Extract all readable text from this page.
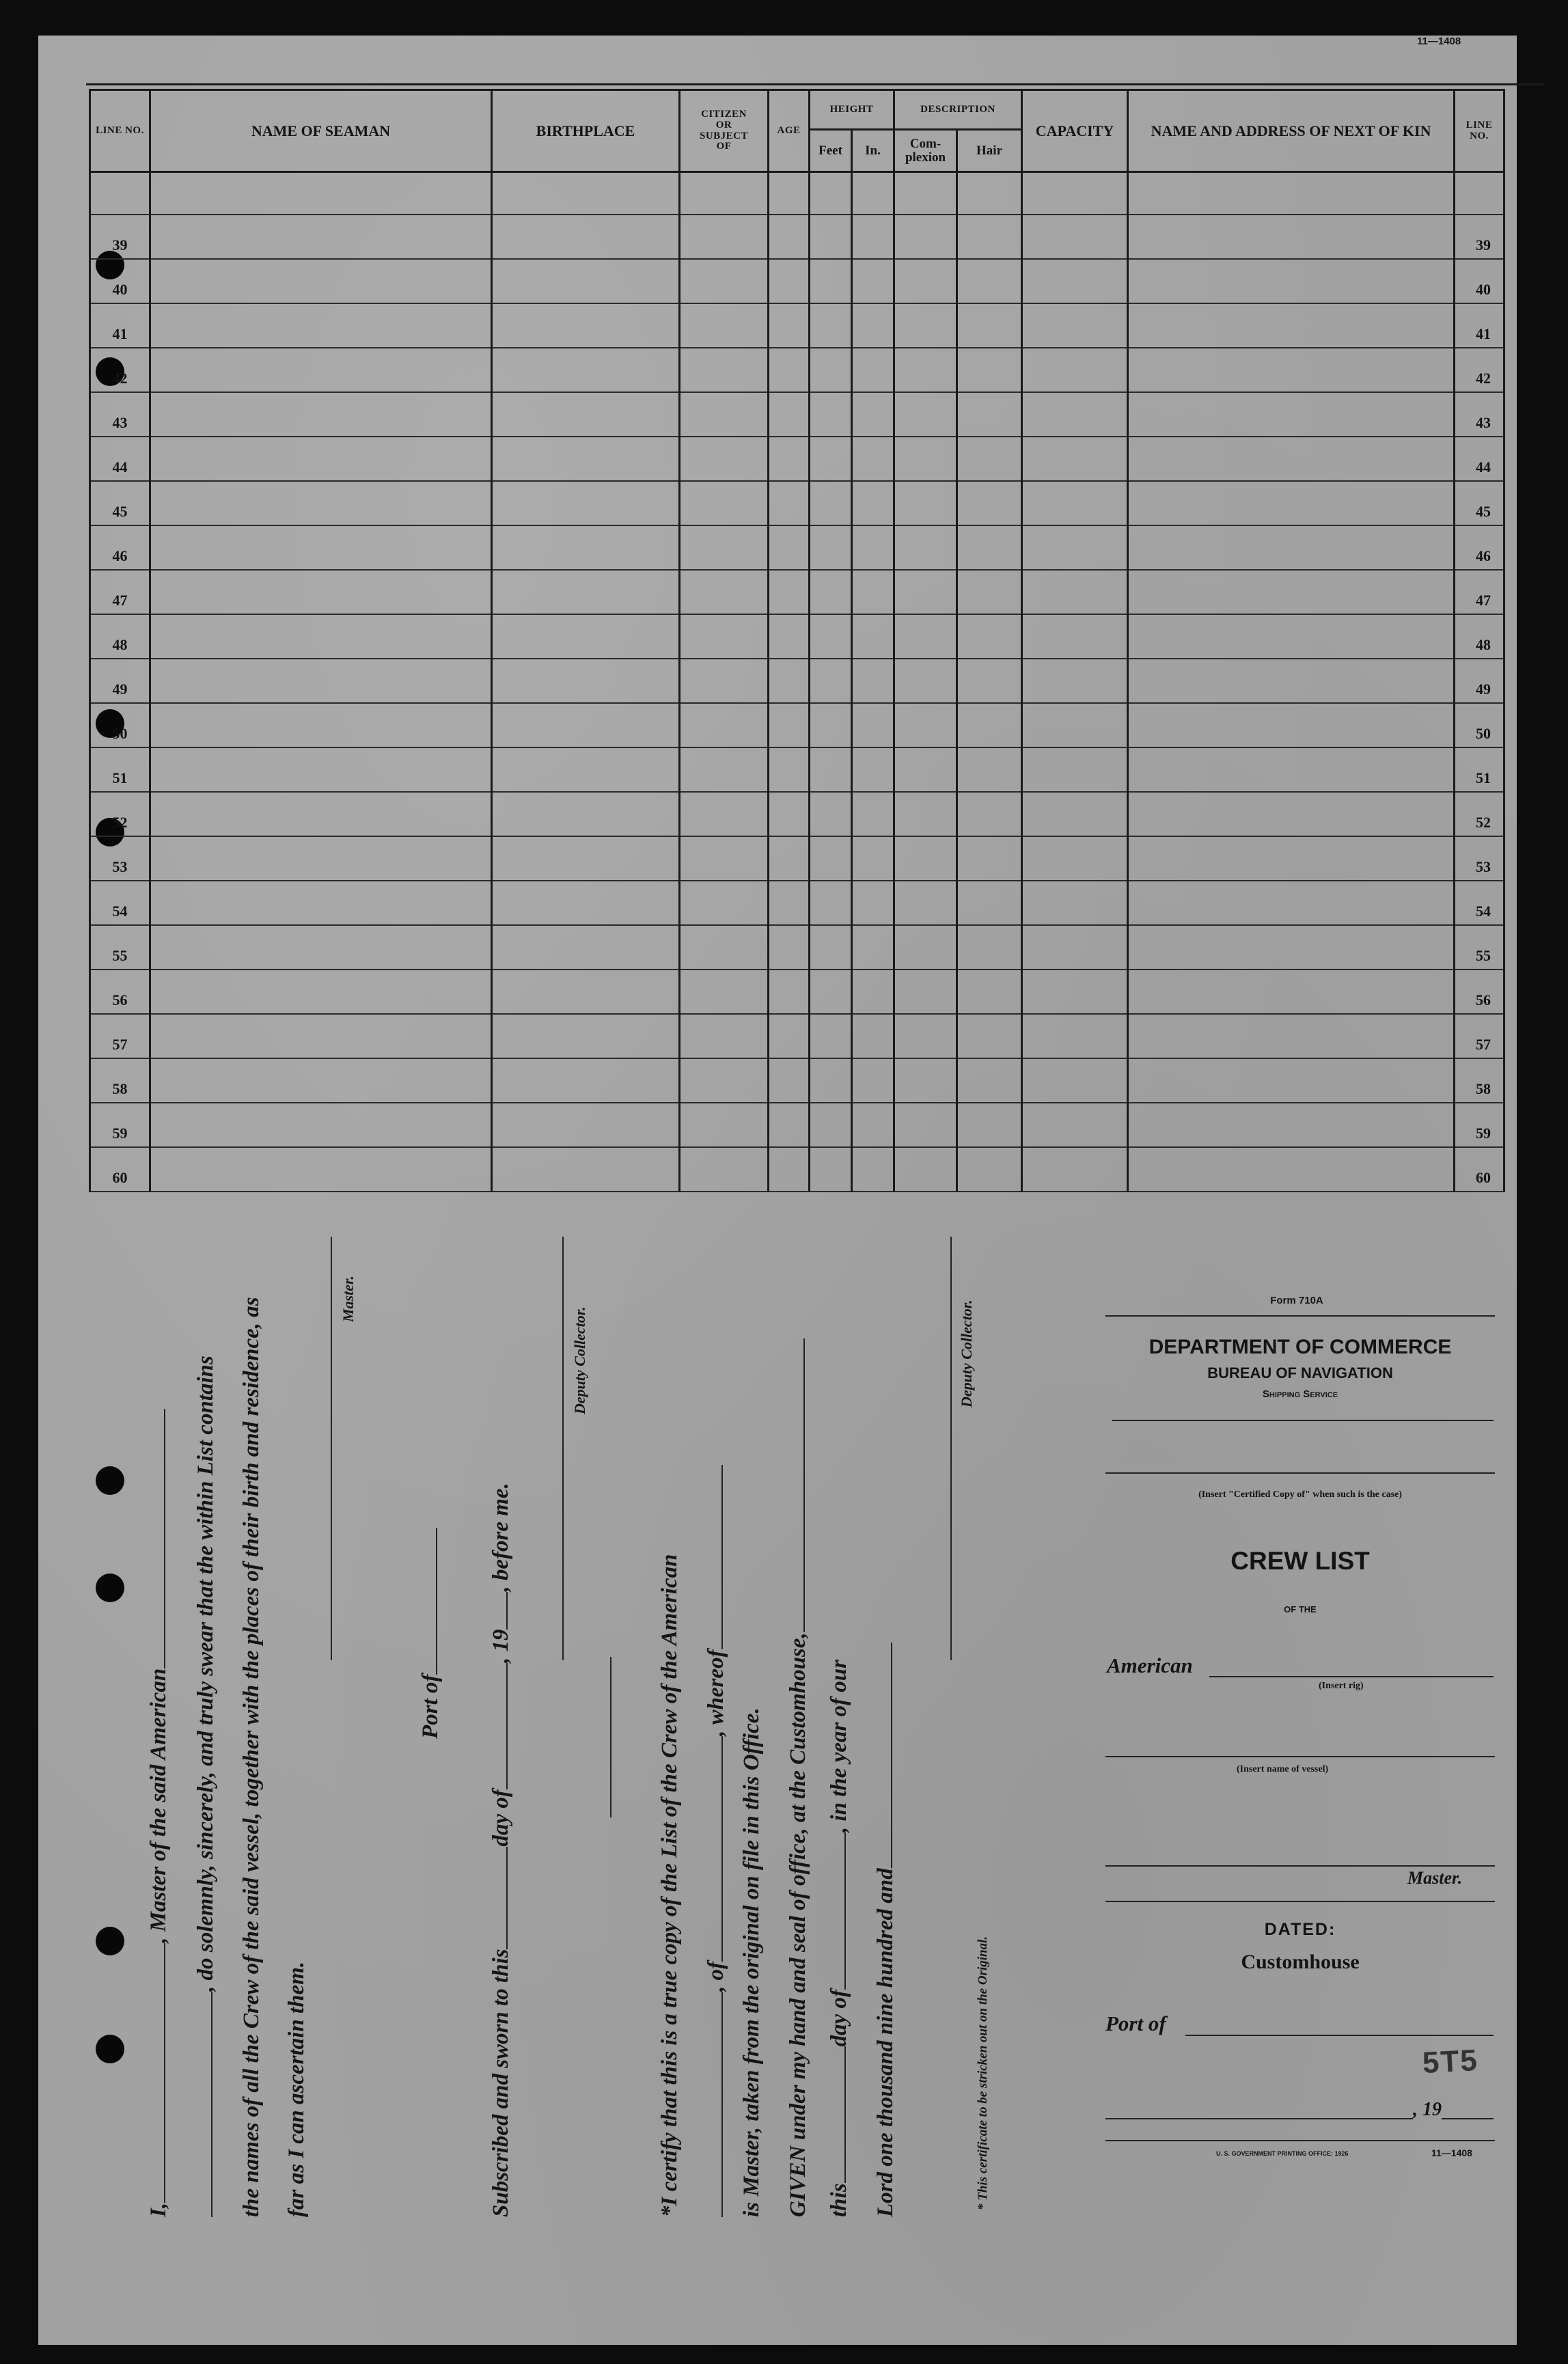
11—1408
LINE NO.	NAME OF SEAMAN	BIRTHPLACE	CITIZEN
OR
SUBJECT
OF	AGE	HEIGHT		DESCRIPTION		CAPACITY	NAME AND ADDRESS OF NEXT OF KIN	LINE NO.
					Feet	In.	Com- plexion	Hair			

39											39
40											40
41											41
42											42
43											43
44											44
45											45
46											46
47											47
48											48
49											49
50											50
51											51
52											52
53											53
54											54
55											55
56											56
57											57
58											58
59											59
60											60
I,, Master of the said American , do solemnly, sincerely, and truly swear that the within List contains the names of all the Crew of the said vessel, together with the places of their birth and residence, as far as I can ascertain them.
Master.
Port of
Subscribed and sworn to thisday of, 19, before me.
Deputy Collector.
*I certify that this is a true copy of the List of the Crew of the American , of, whereof
is Master, taken from the original on file in this Office. GIVEN under my hand and seal of office, at the Customhouse, thisday of, in the year of our
Lord one thousand nine hundred and	* This certificate to be stricken out on the Original.
Deputy Collector.	Form 710A
DEPARTMENT OF COMMERCE
BUREAU OF NAVIGATION
Shipping Service
(Insert "Certified Copy of" when such is the case)
CREW LIST
OF THE
American
(Insert rig)
(Insert name of vessel)
Master.
DATED:
Customhouse
Port of
5T5
, 19
U. S. GOVERNMENT PRINTING OFFICE: 1926	11—1408
